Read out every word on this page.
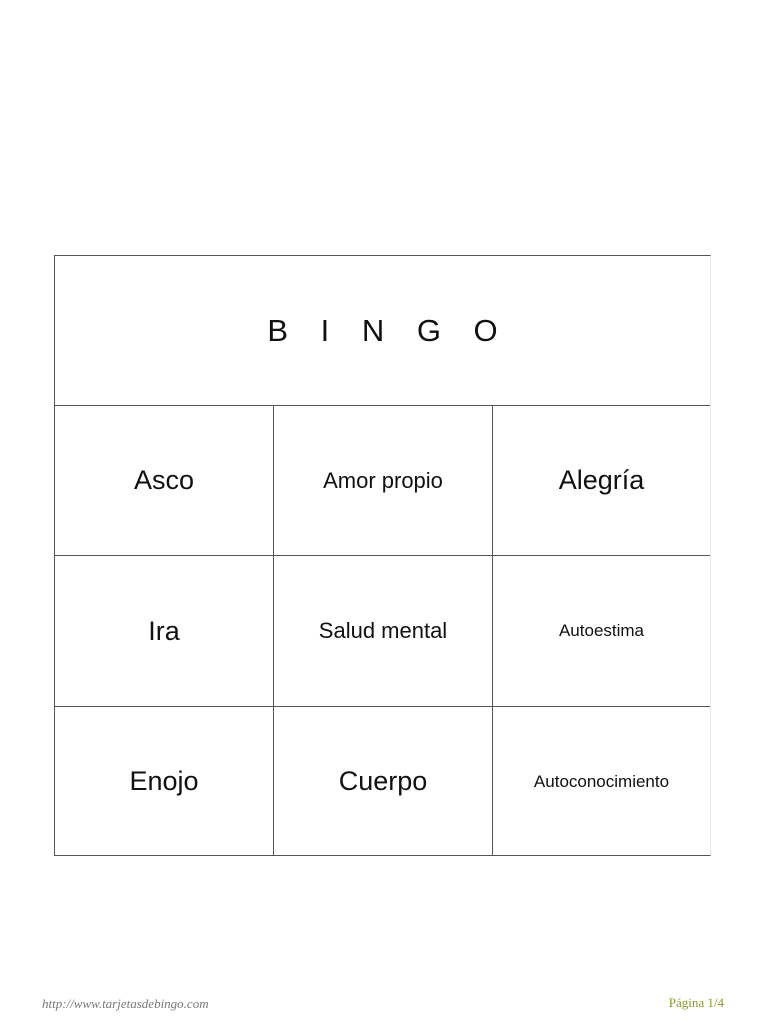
B I N G O
Asco	Amor propio	Alegría
Ira	Salud mental	Autoestima
Enojo	Cuerpo	Autoconocimiento
http://www.tarjetasdebingo.com	Página 1/4
